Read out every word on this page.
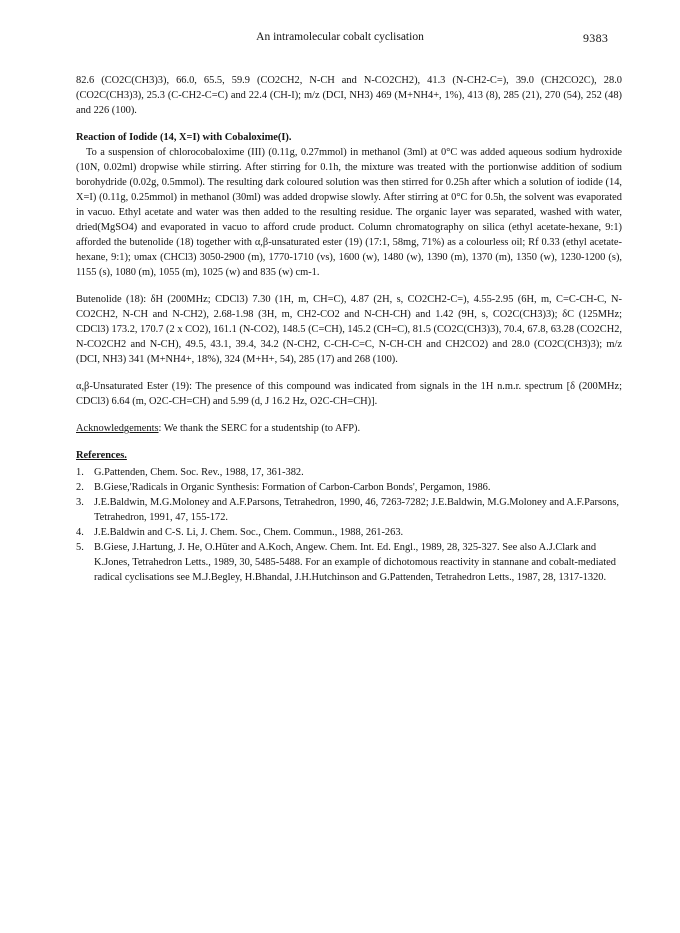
An intramolecular cobalt cyclisation	9383

82.6 (CO2C(CH3)3), 66.0, 65.5, 59.9 (CO2CH2, N-CH and N-CO2CH2), 41.3 (N-CH2-C=), 39.0 (CH2CO2C), 28.0 (CO2C(CH3)3), 25.3 (C-CH2-C=C) and 22.4 (CH-I); m/z (DCI, NH3) 469 (M+NH4+, 1%), 413 (8), 285 (21), 270 (54), 252 (48) and 226 (100).

Reaction of Iodide (14, X=I) with Cobaloxime(I).

To a suspension of chlorocobaloxime (III) (0.11g, 0.27mmol) in methanol (3ml) at 0°C was added aqueous sodium hydroxide (10N, 0.02ml) dropwise while stirring. After stirring for 0.1h, the mixture was treated with the portionwise addition of sodium borohydride (0.02g, 0.5mmol). The resulting dark coloured solution was then stirred for 0.25h after which a solution of iodide (14, X=I) (0.11g, 0.25mmol) in methanol (30ml) was added dropwise slowly. After stirring at 0°C for 0.5h, the solvent was evaporated in vacuo. Ethyl acetate and water was then added to the resulting residue. The organic layer was separated, washed with water, dried(MgSO4) and evaporated in vacuo to afford crude product. Column chromatography on silica (ethyl acetate-hexane, 9:1) afforded the butenolide (18) together with α,β-unsaturated ester (19) (17:1, 58mg, 71%) as a colourless oil; Rf 0.33 (ethyl acetate-hexane, 9:1); υmax (CHCl3) 3050-2900 (m), 1770-1710 (vs), 1600 (w), 1480 (w), 1390 (m), 1370 (m), 1350 (w), 1230-1200 (s), 1155 (s), 1080 (m), 1055 (m), 1025 (w) and 835 (w) cm-1.

Butenolide (18): δH (200MHz; CDCl3) 7.30 (1H, m, CH=C), 4.87 (2H, s, CO2CH2-C=), 4.55-2.95 (6H, m, C=C-CH-C, N-CO2CH2, N-CH and N-CH2), 2.68-1.98 (3H, m, CH2-CO2 and N-CH-CH) and 1.42 (9H, s, CO2C(CH3)3); δC (125MHz; CDCl3) 173.2, 170.7 (2 x CO2), 161.1 (N-CO2), 148.5 (C=CH), 145.2 (CH=C), 81.5 (CO2C(CH3)3), 70.4, 67.8, 63.28 (CO2CH2, N-CO2CH2 and N-CH), 49.5, 43.1, 39.4, 34.2 (N-CH2, C-CH-C=C, N-CH-CH and CH2CO2) and 28.0 (CO2C(CH3)3); m/z (DCI, NH3) 341 (M+NH4+, 18%), 324 (M+H+, 54), 285 (17) and 268 (100).

α,β-Unsaturated Ester (19): The presence of this compound was indicated from signals in the 1H n.m.r. spectrum [δ (200MHz; CDCl3) 6.64 (m, O2C-CH=CH) and 5.99 (d, J 16.2 Hz, O2C-CH=CH)].

Acknowledgements: We thank the SERC for a studentship (to AFP).

References.

1. G.Pattenden, Chem. Soc. Rev., 1988, 17, 361-382.
2. B.Giese,'Radicals in Organic Synthesis: Formation of Carbon-Carbon Bonds', Pergamon, 1986.
3. J.E.Baldwin, M.G.Moloney and A.F.Parsons, Tetrahedron, 1990, 46, 7263-7282; J.E.Baldwin, M.G.Moloney and A.F.Parsons, Tetrahedron, 1991, 47, 155-172.
4. J.E.Baldwin and C-S. Li, J. Chem. Soc., Chem. Commun., 1988, 261-263.
5. B.Giese, J.Hartung, J. He, O.Hüter and A.Koch, Angew. Chem. Int. Ed. Engl., 1989, 28, 325-327. See also A.J.Clark and K.Jones, Tetrahedron Letts., 1989, 30, 5485-5488. For an example of dichotomous reactivity in stannane and cobalt-mediated radical cyclisations see M.J.Begley, H.Bhandal, J.H.Hutchinson and G.Pattenden, Tetrahedron Letts., 1987, 28, 1317-1320.
